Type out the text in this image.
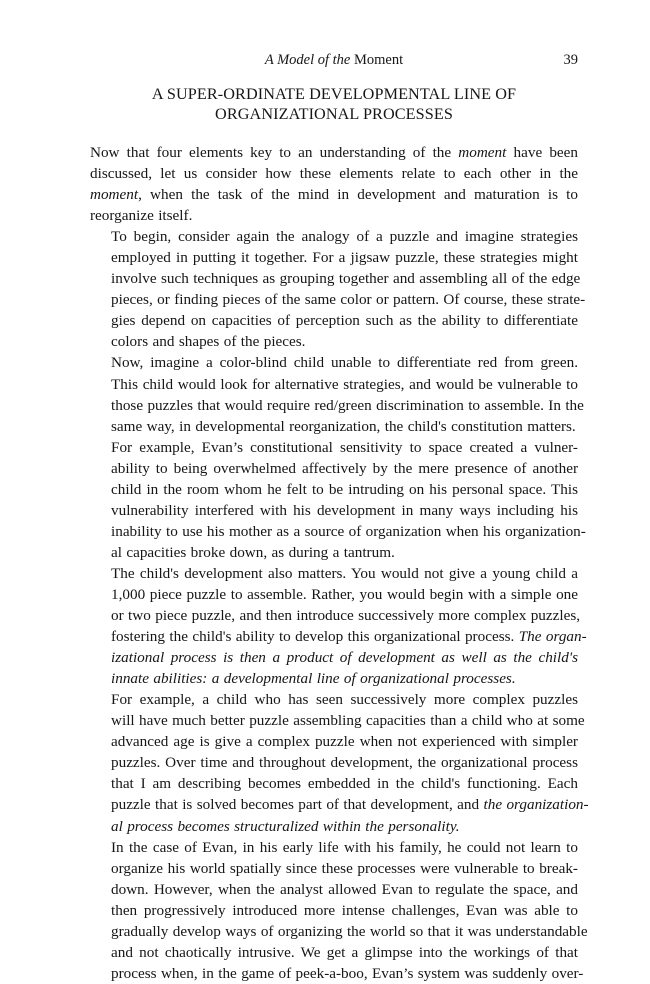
A Model of the Moment	39
A SUPER-ORDINATE DEVELOPMENTAL LINE OF
ORGANIZATIONAL PROCESSES
Now that four elements key to an understanding of the moment have been
discussed, let us consider how these elements relate to each other in the
moment, when the task of the mind in development and maturation is to
reorganize itself.
To begin, consider again the analogy of a puzzle and imagine strategies
employed in putting it together. For a jigsaw puzzle, these strategies might
involve such techniques as grouping together and assembling all of the edge
pieces, or finding pieces of the same color or pattern. Of course, these strate-
gies depend on capacities of perception such as the ability to differentiate
colors and shapes of the pieces.
Now, imagine a color-blind child unable to differentiate red from green.
This child would look for alternative strategies, and would be vulnerable to
those puzzles that would require red/green discrimination to assemble. In the
same way, in developmental reorganization, the child's constitution matters.
For example, Evan’s constitutional sensitivity to space created a vulner-
ability to being overwhelmed affectively by the mere presence of another
child in the room whom he felt to be intruding on his personal space. This
vulnerability interfered with his development in many ways including his
inability to use his mother as a source of organization when his organization-
al capacities broke down, as during a tantrum.
The child's development also matters. You would not give a young child a
1,000 piece puzzle to assemble. Rather, you would begin with a simple one
or two piece puzzle, and then introduce successively more complex puzzles,
fostering the child's ability to develop this organizational process. The organ-
izational process is then a product of development as well as the child's
innate abilities: a developmental line of organizational processes.
For example, a child who has seen successively more complex puzzles
will have much better puzzle assembling capacities than a child who at some
advanced age is give a complex puzzle when not experienced with simpler
puzzles. Over time and throughout development, the organizational process
that I am describing becomes embedded in the child's functioning. Each
puzzle that is solved becomes part of that development, and the organization-
al process becomes structuralized within the personality.
In the case of Evan, in his early life with his family, he could not learn to
organize his world spatially since these processes were vulnerable to break-
down. However, when the analyst allowed Evan to regulate the space, and
then progressively introduced more intense challenges, Evan was able to
gradually develop ways of organizing the world so that it was understandable
and not chaotically intrusive. We get a glimpse into the workings of that
process when, in the game of peek-a-boo, Evan’s system was suddenly over-
